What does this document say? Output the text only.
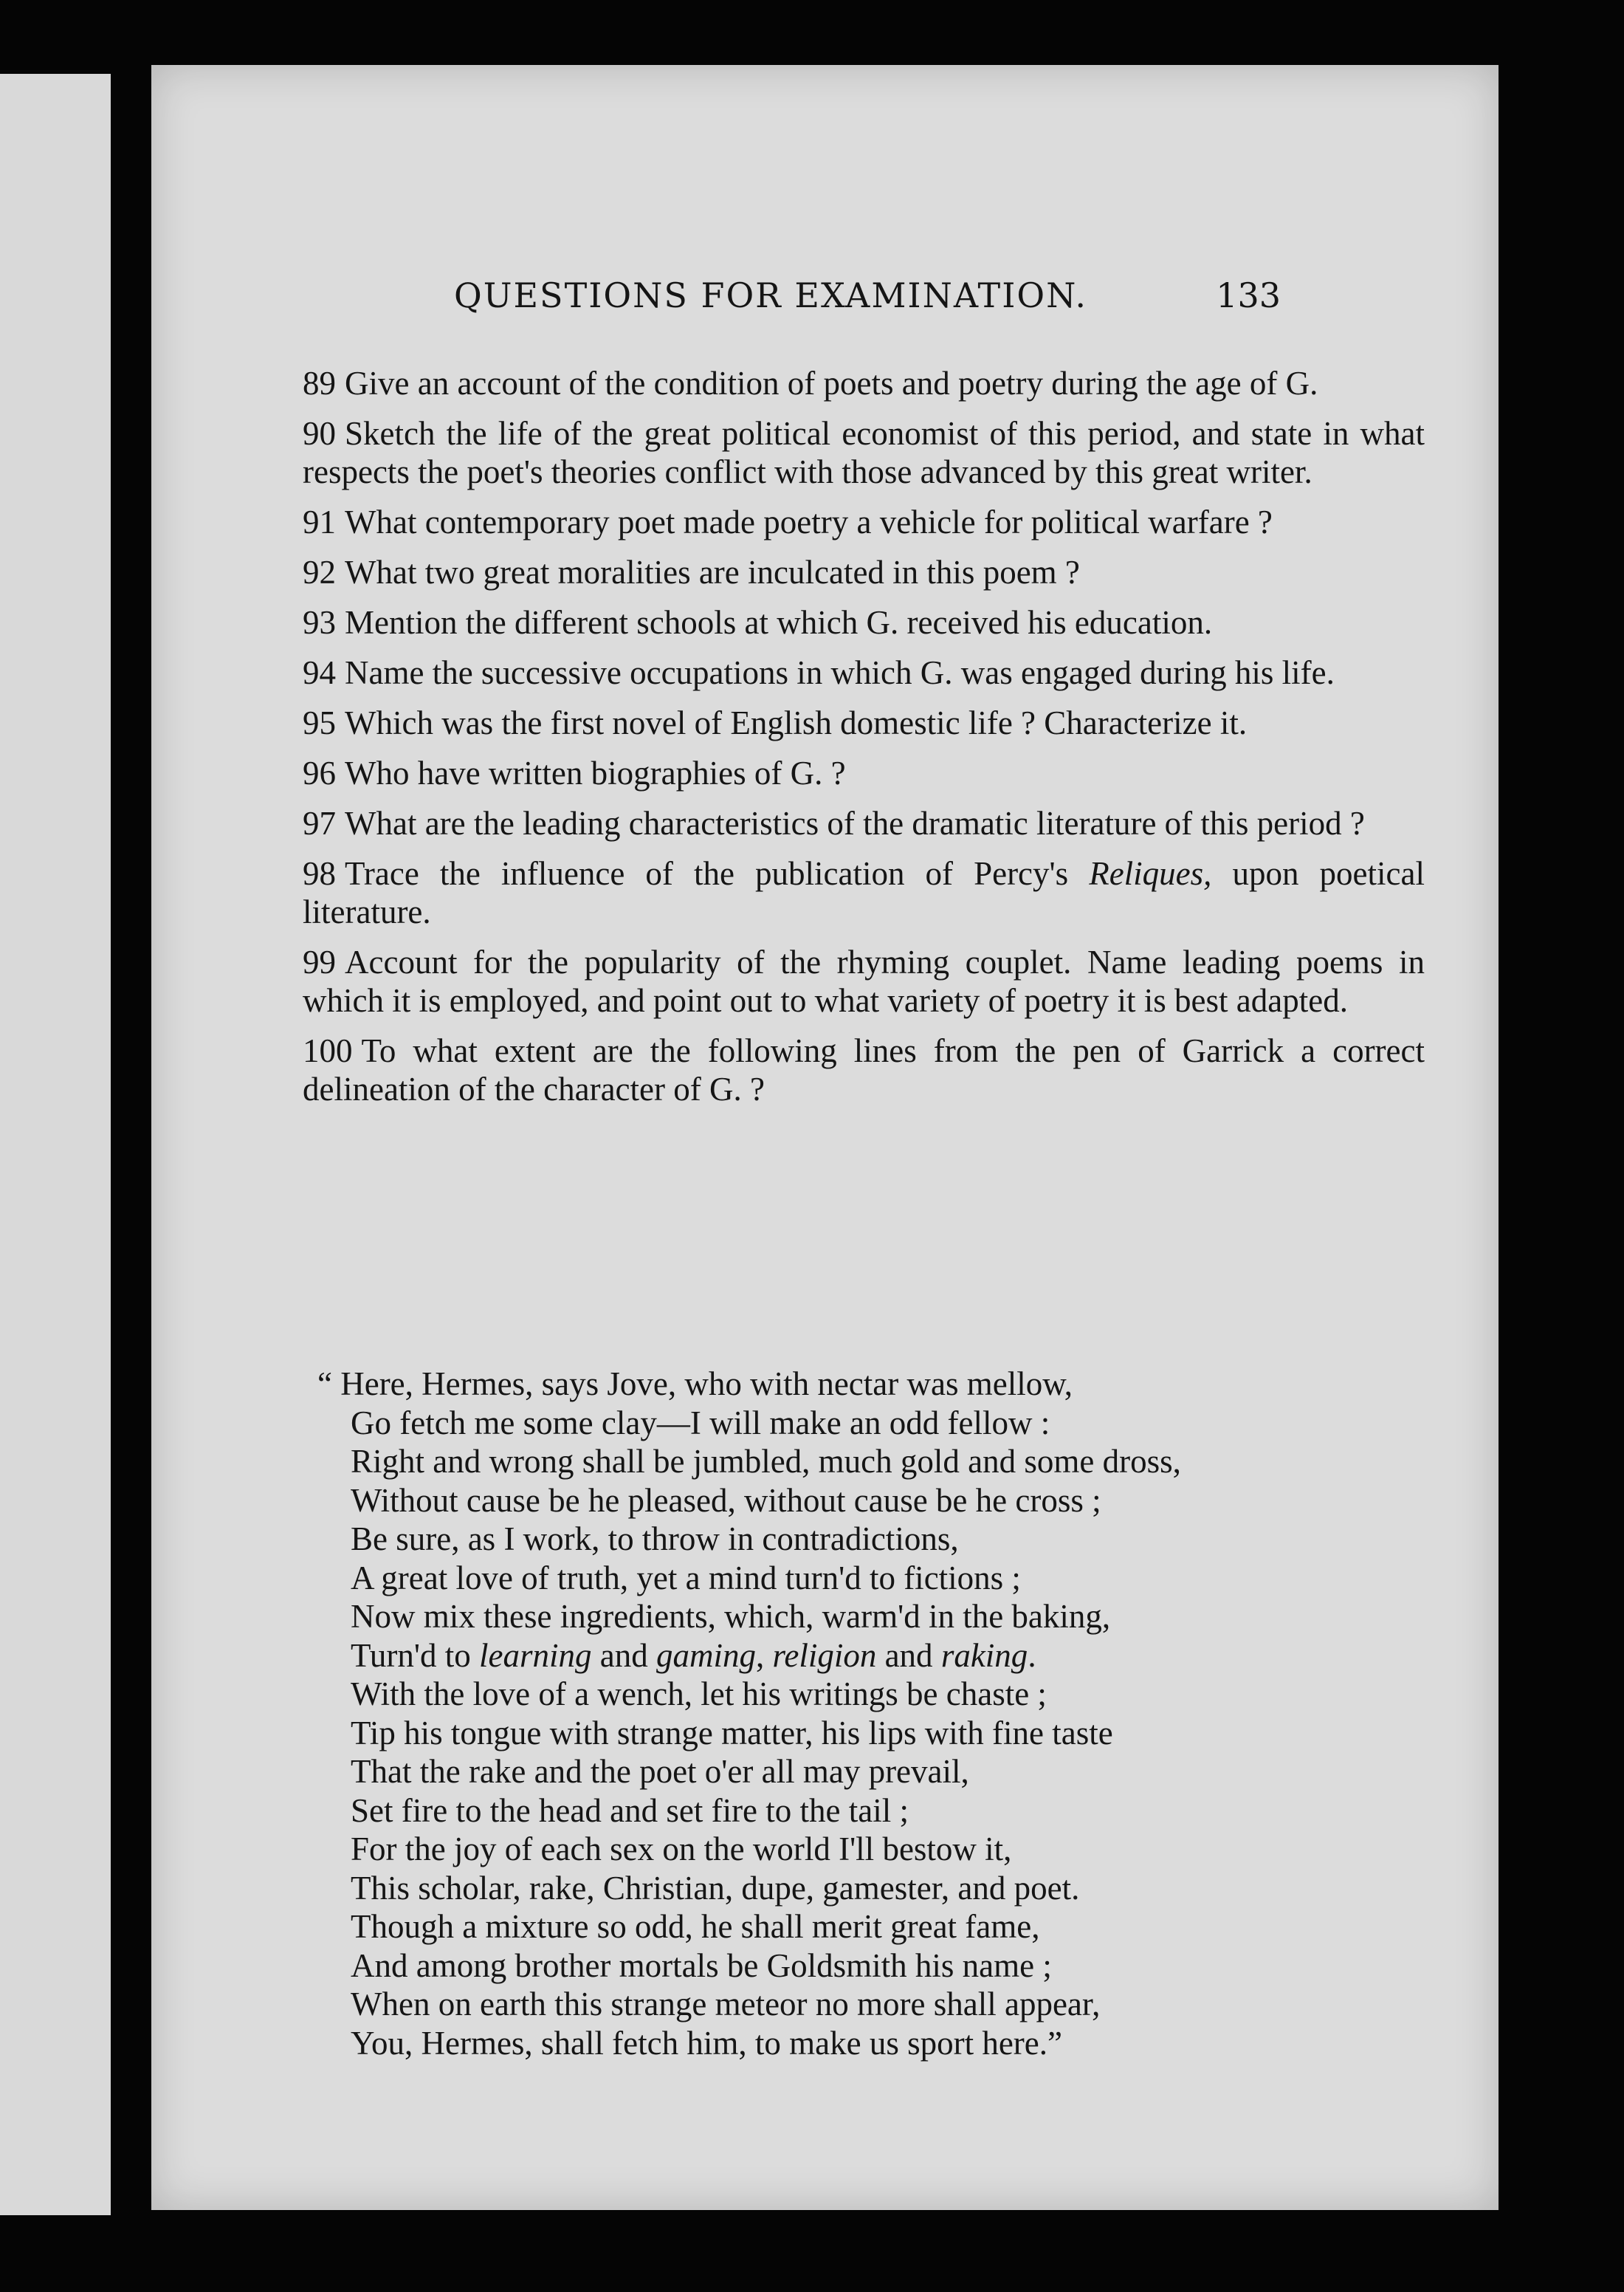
QUESTIONS FOR EXAMINATION.	133

89 Give an account of the condition of poets and poetry during the age of G.

90 Sketch the life of the great political economist of this period, and state in what respects the poet's theories conflict with those advanced by this great writer.

91 What contemporary poet made poetry a vehicle for political warfare ?

92 What two great moralities are inculcated in this poem ?

93 Mention the different schools at which G. received his education.

94 Name the successive occupations in which G. was engaged during his life.

95 Which was the first novel of English domestic life ? Characterize it.

96 Who have written biographies of G. ?

97 What are the leading characteristics of the dramatic literature of this period ?

98 Trace the influence of the publication of Percy's Reliques, upon poetical literature.

99 Account for the popularity of the rhyming couplet. Name leading poems in which it is employed, and point out to what variety of poetry it is best adapted.

100 To what extent are the following lines from the pen of Garrick a correct delineation of the character of G. ?

“ Here, Hermes, says Jove, who with nectar was mellow,
Go fetch me some clay—I will make an odd fellow :
Right and wrong shall be jumbled, much gold and some dross,
Without cause be he pleased, without cause be he cross ;
Be sure, as I work, to throw in contradictions,
A great love of truth, yet a mind turn'd to fictions ;
Now mix these ingredients, which, warm'd in the baking,
Turn'd to learning and gaming, religion and raking.
With the love of a wench, let his writings be chaste ;
Tip his tongue with strange matter, his lips with fine taste
That the rake and the poet o'er all may prevail,
Set fire to the head and set fire to the tail ;
For the joy of each sex on the world I'll bestow it,
This scholar, rake, Christian, dupe, gamester, and poet.
Though a mixture so odd, he shall merit great fame,
And among brother mortals be Goldsmith his name ;
When on earth this strange meteor no more shall appear,
You, Hermes, shall fetch him, to make us sport here.”
